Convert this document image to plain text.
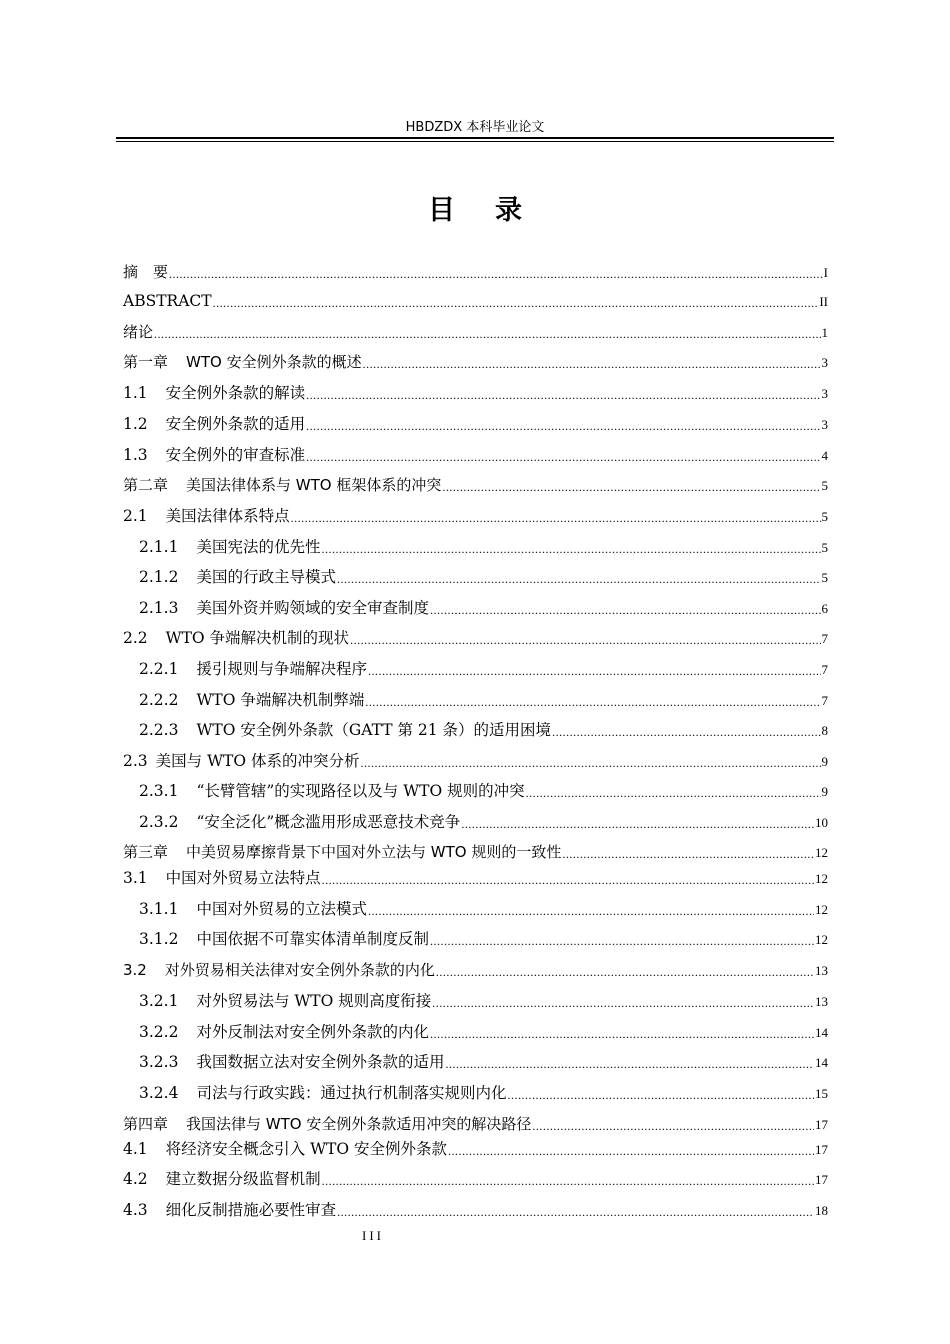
HBDZDX 本科毕业论文
目录
摘　要 .....	I
ABSTRACT .....	II
绪论 .....	1
第一章 WTO 安全例外条款的概述 .....	3
1.1 安全例外条款的解读 .....	3
1.2 安全例外条款的适用 .....	3
1.3 安全例外的审查标准 .....	4
第二章 美国法律体系与 WTO 框架体系的冲突 .....	5
2.1 美国法律体系特点 .....	5
2.1.1 美国宪法的优先性 .....	5
2.1.2 美国的行政主导模式 .....	5
2.1.3 美国外资并购领域的安全审查制度 .....	6
2.2 WTO 争端解决机制的现状 .....	7
2.2.1 援引规则与争端解决程序 .....	7
2.2.2 WTO 争端解决机制弊端 .....	7
2.2.3 WTO 安全例外条款（GATT 第 21 条）的适用困境 .....	8
2.3 美国与 WTO 体系的冲突分析 .....	9
2.3.1 “长臂管辖”的实现路径以及与 WTO 规则的冲突 .....	9
2.3.2 “安全泛化”概念滥用形成恶意技术竞争 .....	10
第三章 中美贸易摩擦背景下中国对外立法与 WTO 规则的一致性 .....	12
3.1 中国对外贸易立法特点 .....	12
3.1.1 中国对外贸易的立法模式 .....	12
3.1.2 中国依据不可靠实体清单制度反制 .....	12
3.2 对外贸易相关法律对安全例外条款的内化 .....	13
3.2.1 对外贸易法与 WTO 规则高度衔接 .....	13
3.2.2 对外反制法对安全例外条款的内化 .....	14
3.2.3 我国数据立法对安全例外条款的适用 .....	14
3.2.4 司法与行政实践：通过执行机制落实规则内化 .....	15
第四章 我国法律与 WTO 安全例外条款适用冲突的解决路径 .....	17
4.1 将经济安全概念引入 WTO 安全例外条款 .....	17
4.2 建立数据分级监督机制 .....	17
4.3 细化反制措施必要性审查 .....	18
III
